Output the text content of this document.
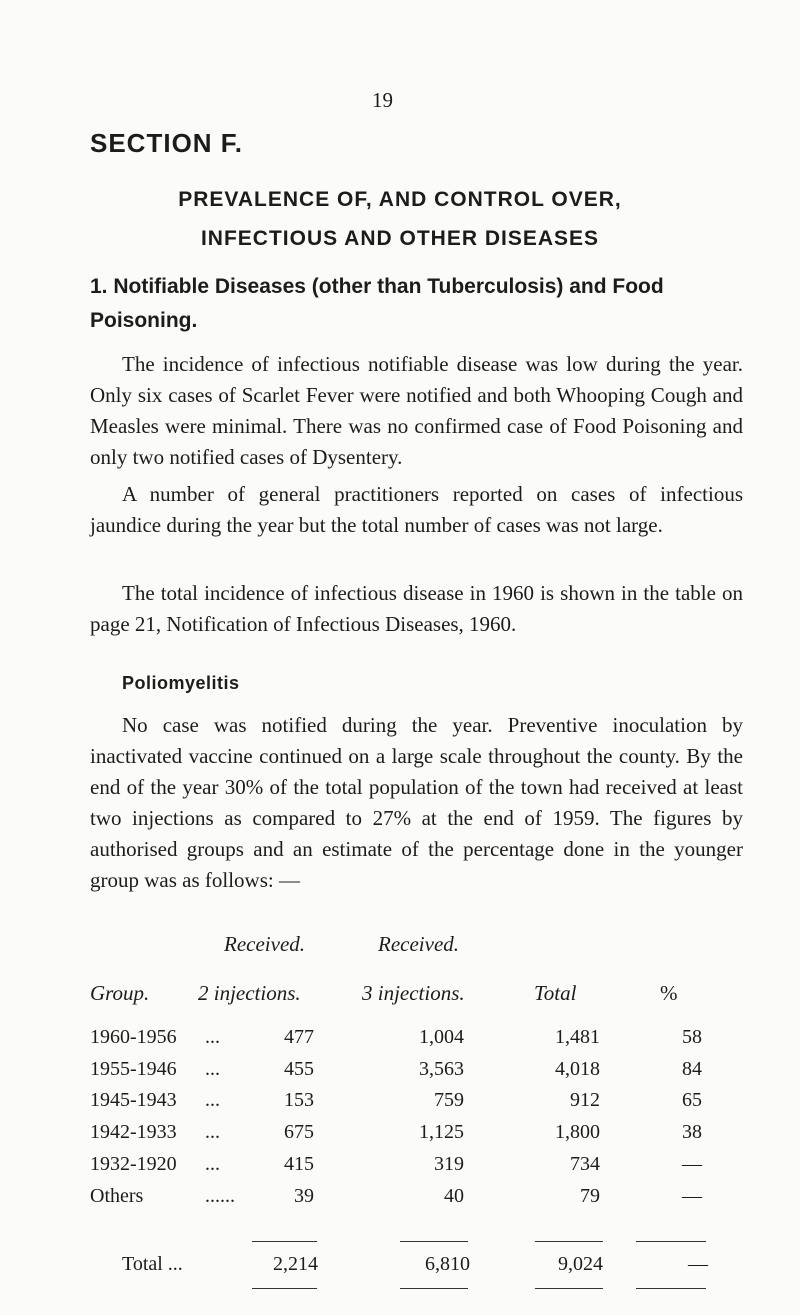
19
SECTION F.
PREVALENCE OF, AND CONTROL OVER,
INFECTIOUS AND OTHER DISEASES
1. Notifiable Diseases (other than Tuberculosis) and Food Poisoning.
The incidence of infectious notifiable disease was low during the year. Only six cases of Scarlet Fever were notified and both Whooping Cough and Measles were minimal. There was no confirmed case of Food Poisoning and only two notified cases of Dysentery.
A number of general practitioners reported on cases of infectious jaundice during the year but the total number of cases was not large.
The total incidence of infectious disease in 1960 is shown in the table on page 21, Notification of Infectious Diseases, 1960.
Poliomyelitis
No case was notified during the year. Preventive inoculation by inactivated vaccine continued on a large scale throughout the county. By the end of the year 30% of the total population of the town had received at least two injections as compared to 27% at the end of 1959. The figures by authorised groups and an estimate of the percentage done in the younger group was as follows: —
Received.	Received.
Group. 2 injections.	3 injections.	Total	%
1960-1956	...	477	1,004	1,481	58
1955-1946	...	455	3,563	4,018	84
1945-1943	...	153	759	912	65
1942-1933	...	675	1,125	1,800	38
1932-1920	...	415	319	734	—
Others	......	39	40	79	—
Total ...	2,214	6,810	9,024	—
